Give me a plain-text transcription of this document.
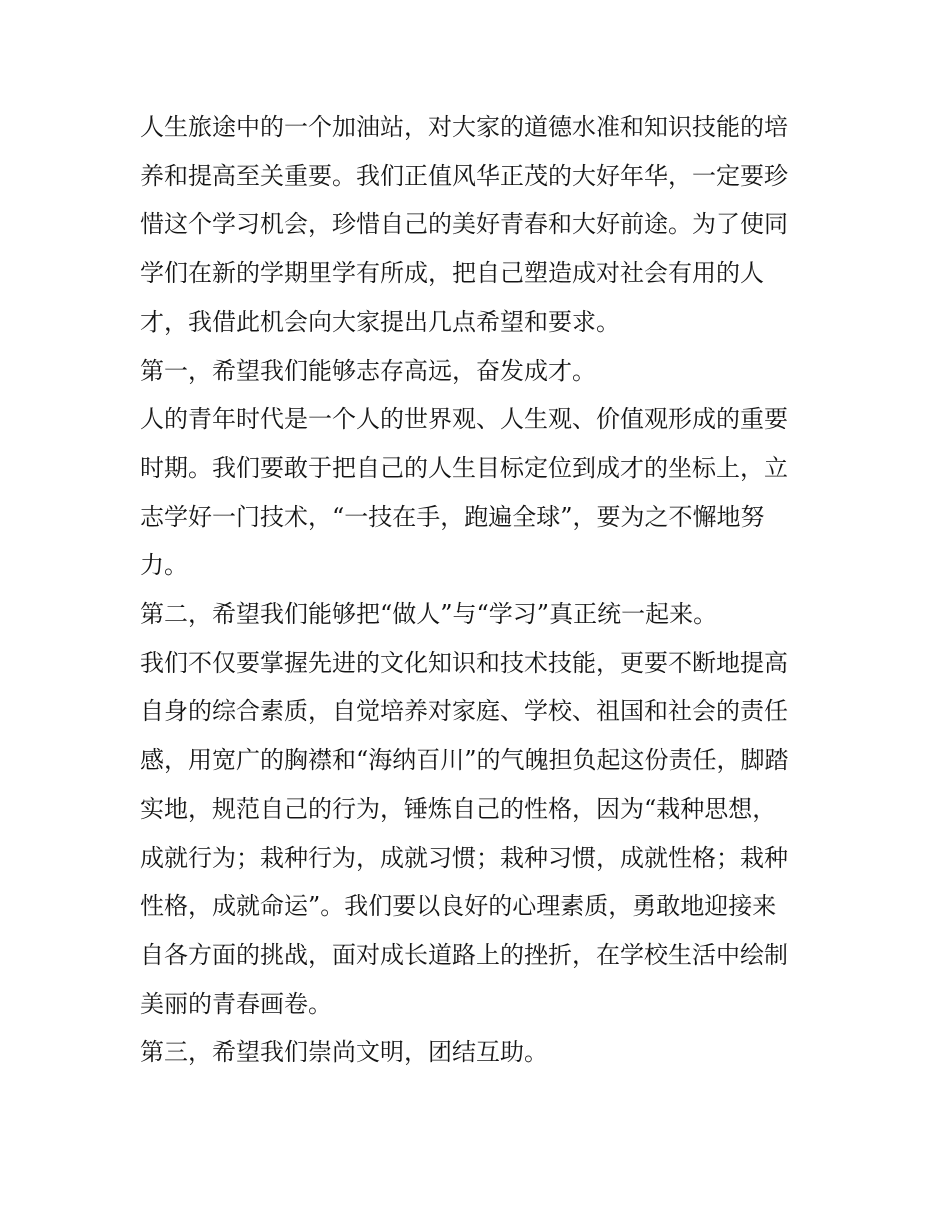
人生旅途中的一个加油站，对大家的道德水准和知识技能的培
养和提高至关重要。我们正值风华正茂的大好年华，一定要珍
惜这个学习机会，珍惜自己的美好青春和大好前途。为了使同
学们在新的学期里学有所成，把自己塑造成对社会有用的人
才，我借此机会向大家提出几点希望和要求。

第一，希望我们能够志存高远，奋发成才。

人的青年时代是一个人的世界观、人生观、价值观形成的重要
时期。我们要敢于把自己的人生目标定位到成才的坐标上，立
志学好一门技术，“一技在手，跑遍全球”，要为之不懈地努
力。

第二，希望我们能够把“做人”与“学习”真正统一起来。

我们不仅要掌握先进的文化知识和技术技能，更要不断地提高
自身的综合素质，自觉培养对家庭、学校、祖国和社会的责任
感，用宽广的胸襟和“海纳百川”的气魄担负起这份责任，脚踏
实地，规范自己的行为，锤炼自己的性格，因为“栽种思想，
成就行为；栽种行为，成就习惯；栽种习惯，成就性格；栽种
性格，成就命运”。我们要以良好的心理素质，勇敢地迎接来
自各方面的挑战，面对成长道路上的挫折，在学校生活中绘制
美丽的青春画卷。

第三，希望我们崇尚文明，团结互助。
